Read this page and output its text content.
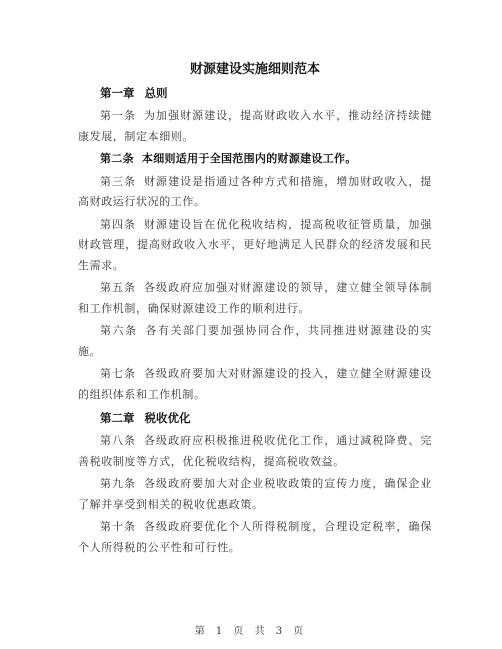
财源建设实施细则范本
第一章 总则

第一条 为加强财源建设，提高财政收入水平，推动经济持续健康发展，制定本细则。

第二条 本细则适用于全国范围内的财源建设工作。

第三条 财源建设是指通过各种方式和措施，增加财政收入，提高财政运行状况的工作。

第四条 财源建设旨在优化税收结构，提高税收征管质量，加强财政管理，提高财政收入水平，更好地满足人民群众的经济发展和民生需求。

第五条 各级政府应加强对财源建设的领导，建立健全领导体制和工作机制，确保财源建设工作的顺利进行。

第六条 各有关部门要加强协同合作，共同推进财源建设的实施。

第七条 各级政府要加大对财源建设的投入，建立健全财源建设的组织体系和工作机制。

第二章 税收优化

第八条 各级政府应积极推进税收优化工作，通过减税降费、完善税收制度等方式，优化税收结构，提高税收效益。

第九条 各级政府要加大对企业税收政策的宣传力度，确保企业了解并享受到相关的税收优惠政策。

第十条 各级政府要优化个人所得税制度，合理设定税率，确保个人所得税的公平性和可行性。

第 1 页 共 3 页
